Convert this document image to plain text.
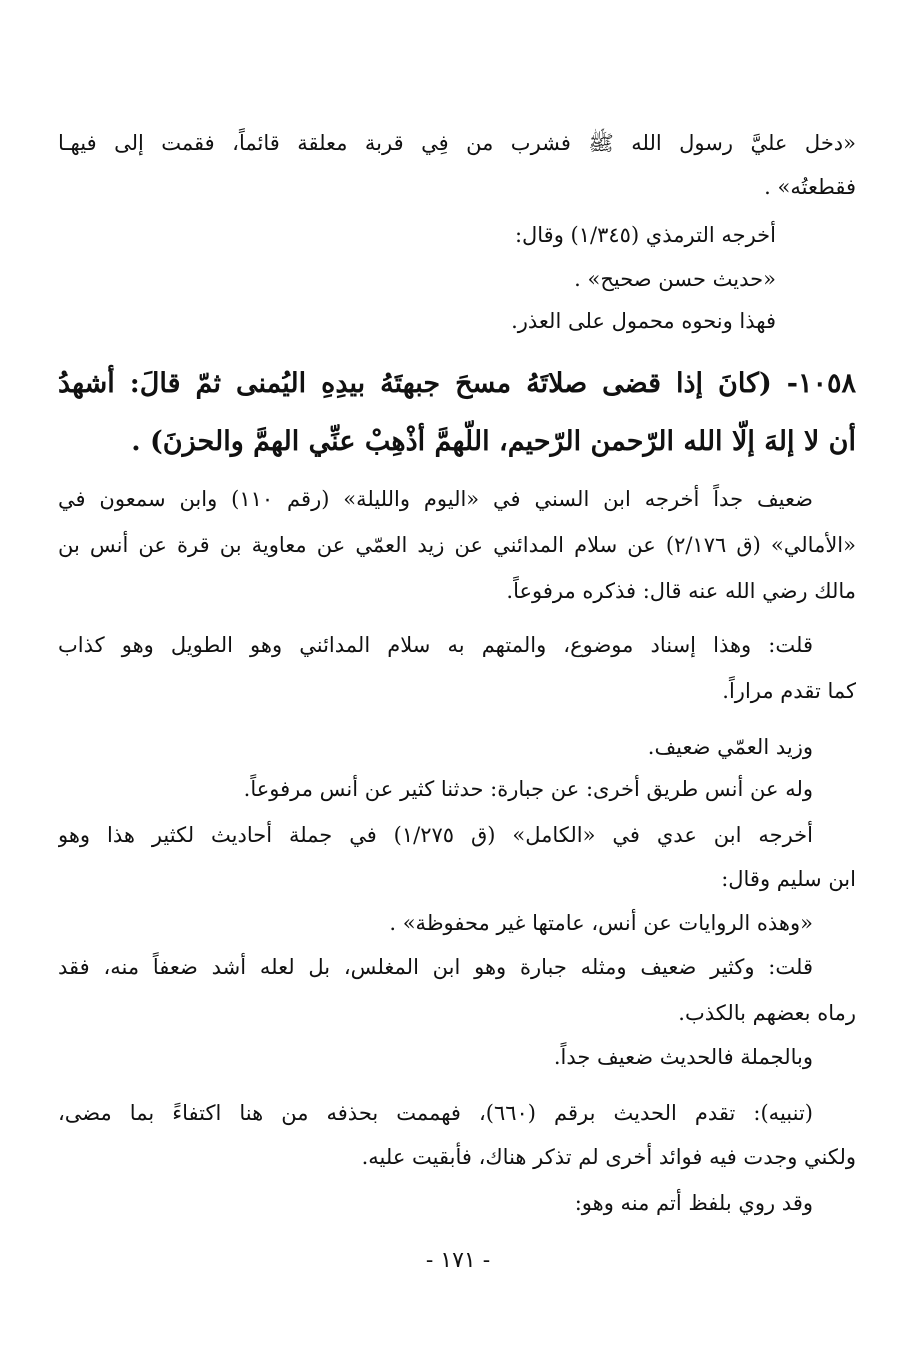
«دخل عليَّ رسول الله ﷺ فشرب من فِي قربة معلقة قائماً، فقمت إلى فيهـا
فقطعتُه» .
أخرجه الترمذي (١/٣٤٥) وقال:
«حديث حسن صحيح» .
فهذا ونحوه محمول على العذر.
١٠٥٨- (كانَ إذا قضى صلاتَهُ مسحَ جبهتَهُ بيدِهِ اليُمنى ثمّ قالَ: أشهدُ
أن لا إلهَ إلّا الله الرّحمن الرّحيم، اللّهمَّ أذْهِبْ عنِّي الهمَّ والحزنَ) .
ضعيف جداً أخرجه ابن السني في «اليوم والليلة» (رقم ١١٠) وابن سمعون في
«الأمالي» (ق ٢/١٧٦) عن سلام المدائني عن زيد العمّي عن معاوية بن قرة عن أنس بن
مالك رضي الله عنه قال: فذكره مرفوعاً.
قلت: وهذا إسناد موضوع، والمتهم به سلام المدائني وهو الطويل وهو كذاب
كما تقدم مراراً.
وزيد العمّي ضعيف.
وله عن أنس طريق أخرى: عن جبارة: حدثنا كثير عن أنس مرفوعاً.
أخرجه ابن عدي في «الكامل» (ق ١/٢٧٥) في جملة أحاديث لكثير هذا وهو
ابن سليم وقال:
«وهذه الروايات عن أنس، عامتها غير محفوظة» .
قلت: وكثير ضعيف ومثله جبارة وهو ابن المغلس، بل لعله أشد ضعفاً منه، فقد
رماه بعضهم بالكذب.
وبالجملة فالحديث ضعيف جداً.
(تنبيه): تقدم الحديث برقم (٦٦٠)، فهممت بحذفه من هنا اكتفاءً بما مضى،
ولكني وجدت فيه فوائد أخرى لم تذكر هناك، فأبقيت عليه.
وقد روي بلفظ أتم منه وهو:
- ١٧١ -
